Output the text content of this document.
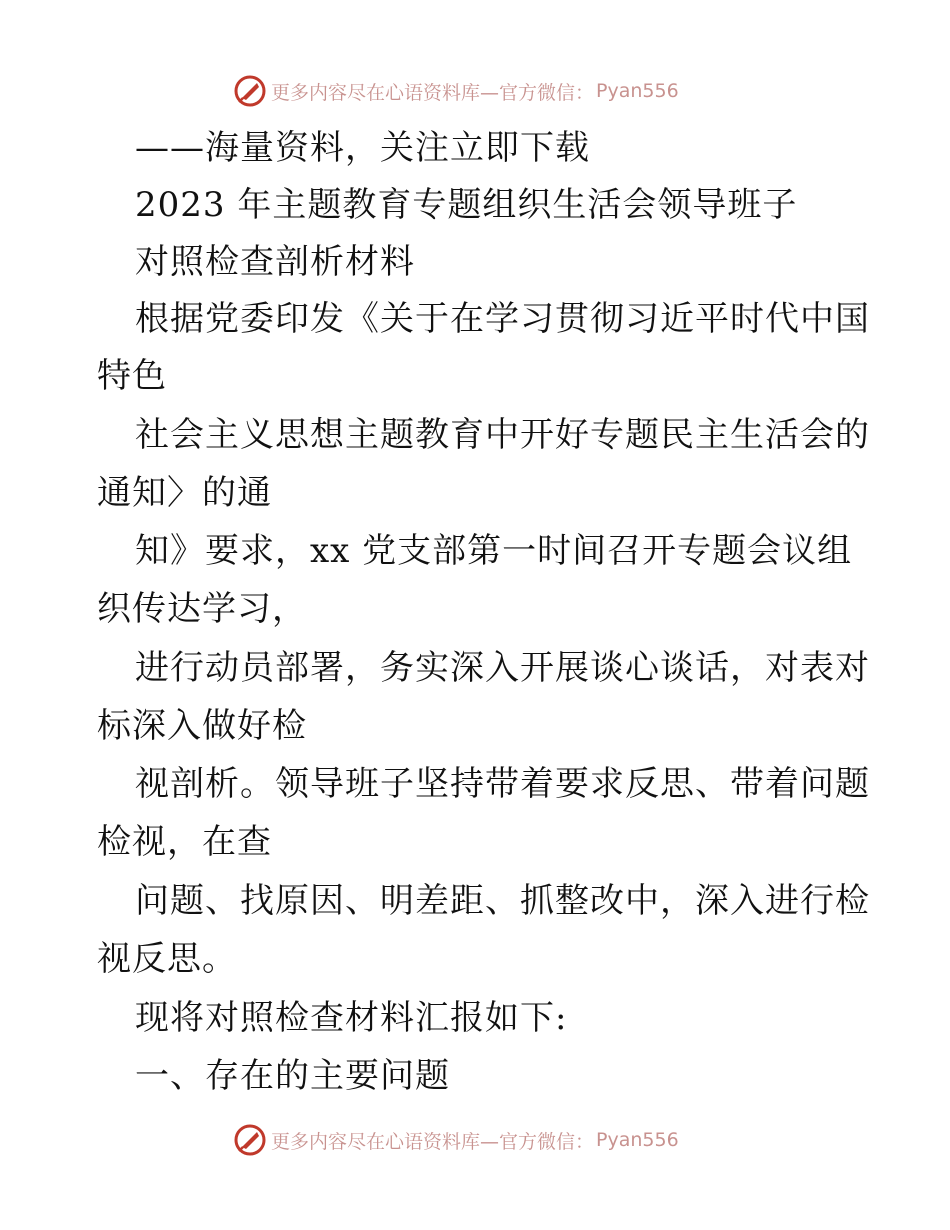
更多内容尽在心语资料库—官方微信： Pyan556
——海量资料，关注立即下载
2023 年主题教育专题组织生活会领导班子
对照检查剖析材料
根据党委印发《关于在学习贯彻习近平时代中国
特色
社会主义思想主题教育中开好专题民主生活会的
通知〉的通
知》要求，xx 党支部第一时间召开专题会议组
织传达学习，
进行动员部署，务实深入开展谈心谈话，对表对
标深入做好检
视剖析。领导班子坚持带着要求反思、带着问题
检视，在查
问题、找原因、明差距、抓整改中，深入进行检
视反思。
现将对照检查材料汇报如下:
一、存在的主要问题
更多内容尽在心语资料库—官方微信： Pyan556
